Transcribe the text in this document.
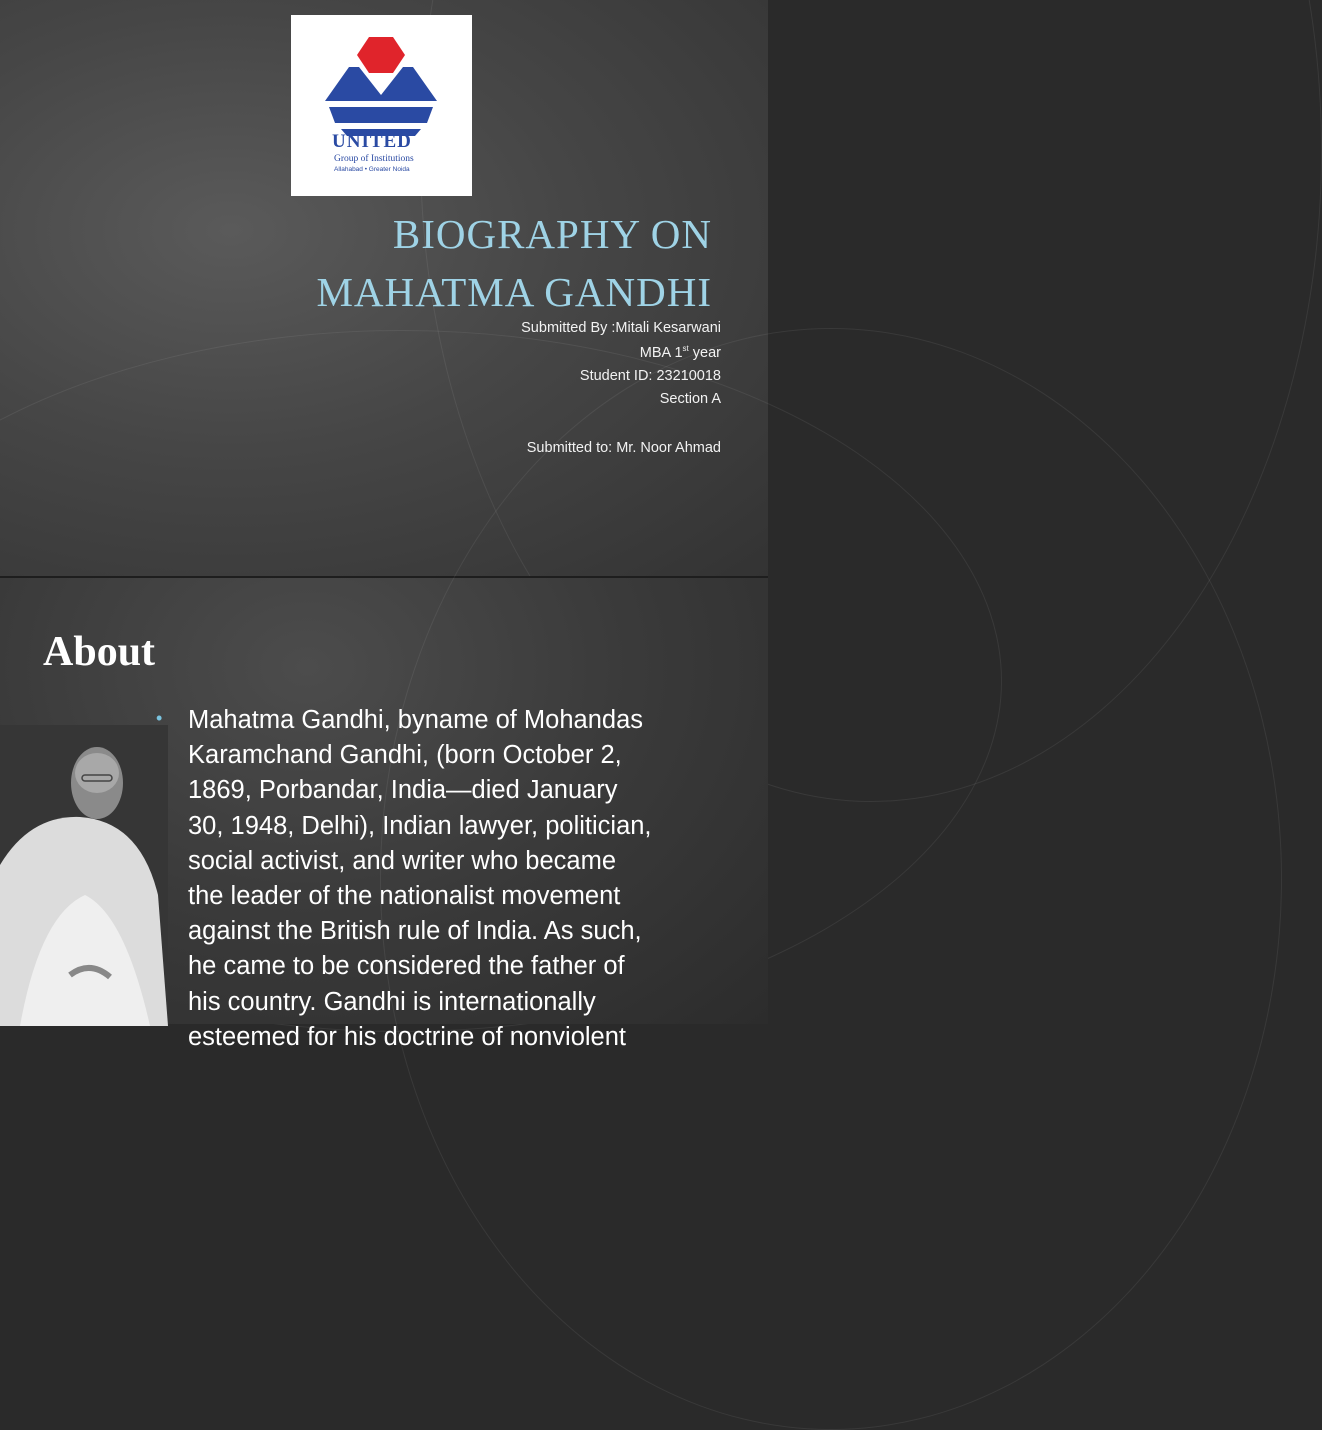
UNITED
Group of Institutions
Allahabad • Greater Noida
BIOGRAPHY ON
MAHATMA GANDHI
Submitted By :Mitali Kesarwani
MBA 1st year
Student ID: 23210018
Section A
Submitted to: Mr. Noor Ahmad
About
• Mahatma Gandhi, byname of Mohandas
Karamchand Gandhi, (born October 2,
1869, Porbandar, India—died January
30, 1948, Delhi), Indian lawyer, politician,
social activist, and writer who became
the leader of the nationalist movement
against the British rule of India. As such,
he came to be considered the father of
his country. Gandhi is internationally
esteemed for his doctrine of nonviolent
